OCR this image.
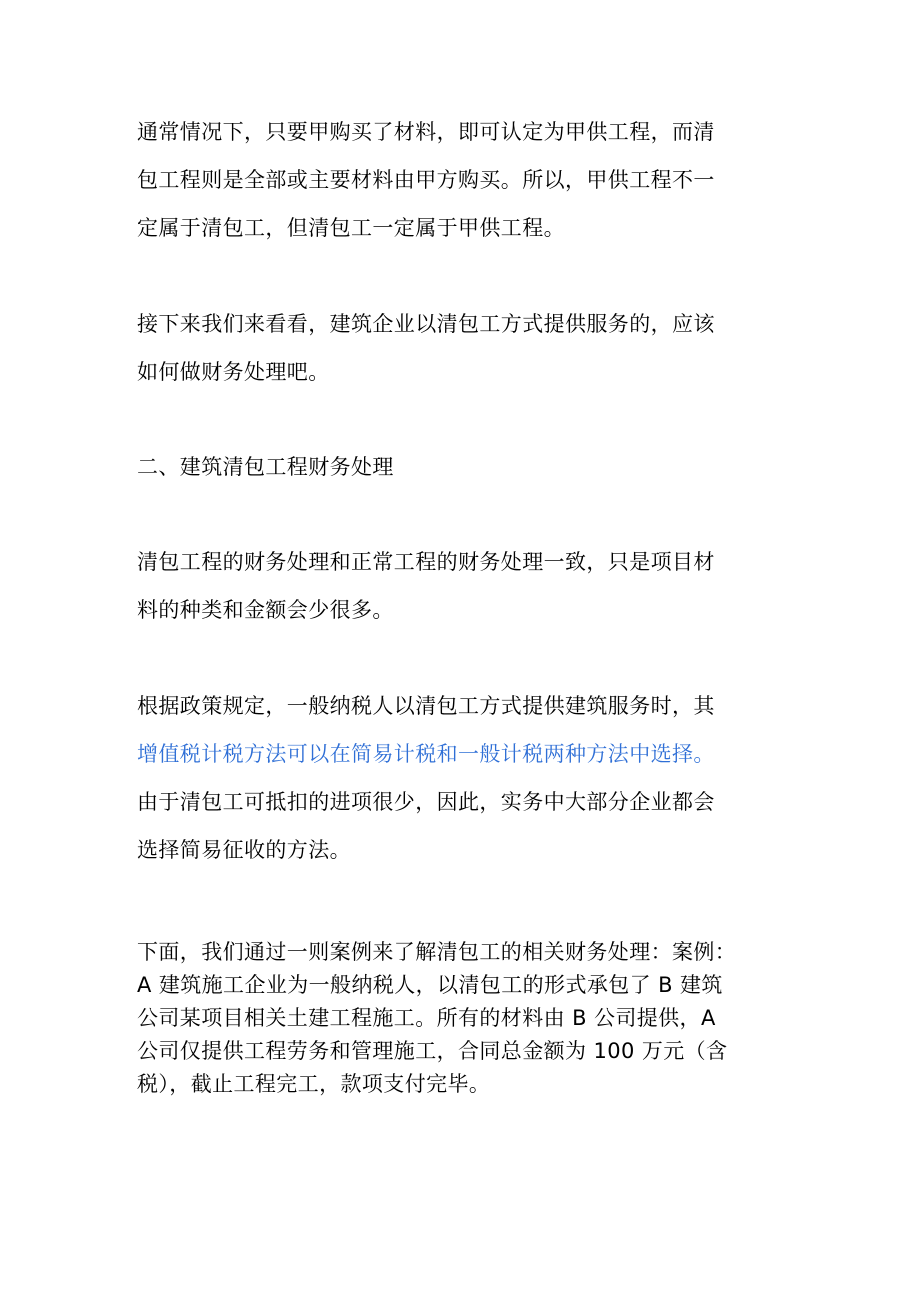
通常情况下，只要甲购买了材料，即可认定为甲供工程，而清
包工程则是全部或主要材料由甲方购买。所以，甲供工程不一
定属于清包工，但清包工一定属于甲供工程。

接下来我们来看看，建筑企业以清包工方式提供服务的，应该
如何做财务处理吧。

二、建筑清包工程财务处理

清包工程的财务处理和正常工程的财务处理一致，只是项目材
料的种类和金额会少很多。

根据政策规定，一般纳税人以清包工方式提供建筑服务时，其
增值税计税方法可以在简易计税和一般计税两种方法中选择。
由于清包工可抵扣的进项很少，因此，实务中大部分企业都会
选择简易征收的方法。

下面，我们通过一则案例来了解清包工的相关财务处理：案例：
A 建筑施工企业为一般纳税人，以清包工的形式承包了 B 建筑
公司某项目相关土建工程施工。所有的材料由 B 公司提供，A
公司仅提供工程劳务和管理施工，合同总金额为 100 万元（含
税），截止工程完工，款项支付完毕。
